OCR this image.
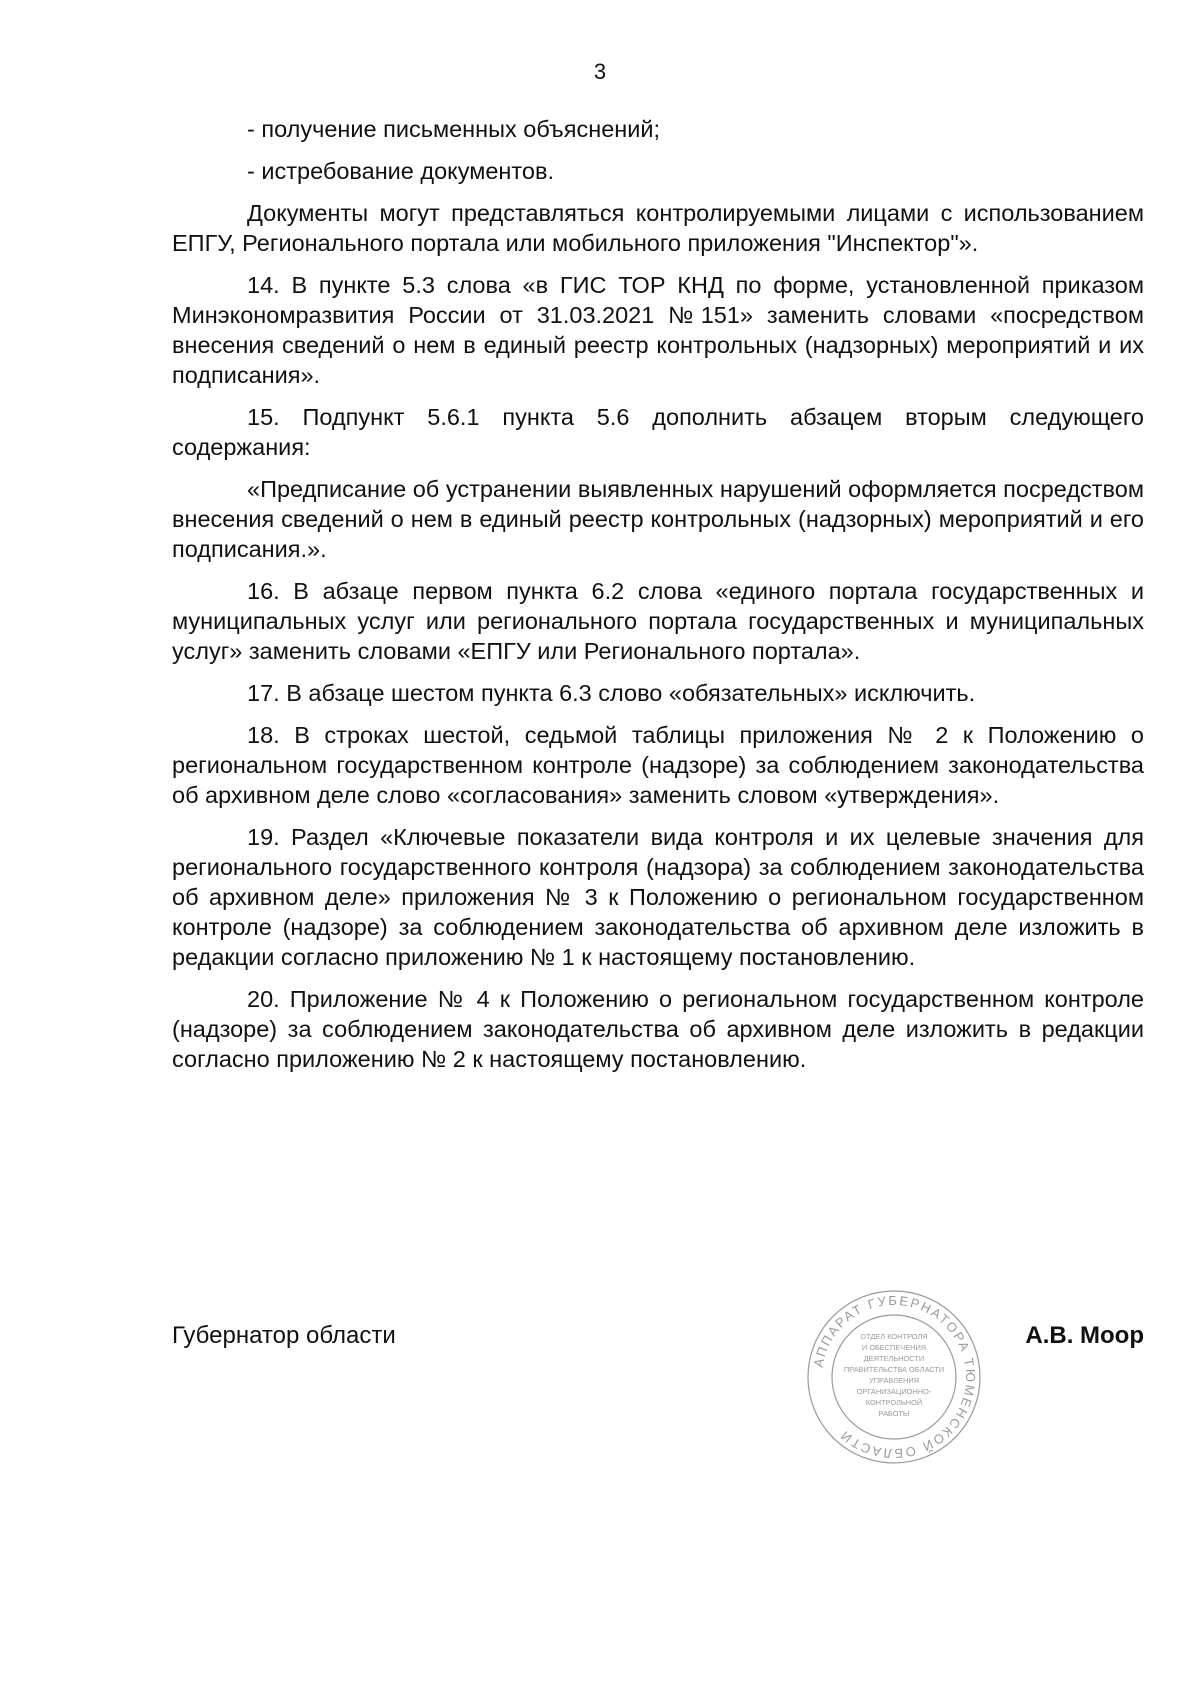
3

- получение письменных объяснений;

- истребование документов.

Документы могут представляться контролируемыми лицами с использованием ЕПГУ, Регионального портала или мобильного приложения "Инспектор"».

14. В пункте 5.3 слова «в ГИС ТОР КНД по форме, установленной приказом Минэкономразвития России от 31.03.2021 №151» заменить словами «посредством внесения сведений о нем в единый реестр контрольных (надзорных) мероприятий и их подписания».

15. Подпункт 5.6.1 пункта 5.6 дополнить абзацем вторым следующего содержания:

«Предписание об устранении выявленных нарушений оформляется посредством внесения сведений о нем в единый реестр контрольных (надзорных) мероприятий и его подписания.».

16. В абзаце первом пункта 6.2 слова «единого портала государственных и муниципальных услуг или регионального портала государственных и муниципальных услуг» заменить словами «ЕПГУ или Регионального портала».

17. В абзаце шестом пункта 6.3 слово «обязательных» исключить.

18. В строках шестой, седьмой таблицы приложения № 2 к Положению о региональном государственном контроле (надзоре) за соблюдением законодательства об архивном деле слово «согласования» заменить словом «утверждения».

19. Раздел «Ключевые показатели вида контроля и их целевые значения для регионального государственного контроля (надзора) за соблюдением законодательства об архивном деле» приложения № 3 к Положению о региональном государственном контроле (надзоре) за соблюдением законодательства об архивном деле изложить в редакции согласно приложению № 1 к настоящему постановлению.

20. Приложение № 4 к Положению о региональном государственном контроле (надзоре) за соблюдением законодательства об архивном деле изложить в редакции согласно приложению № 2 к настоящему постановлению.

Губернатор области	А.В. Моор
АППАРАТ ГУБЕРНАТОРА ТЮМЕНСКОЙ ОБЛАСТИ
ОТДЕЛ КОНТРОЛЯ
И ОБЕСПЕЧЕНИЯ
ДЕЯТЕЛЬНОСТИ
ПРАВИТЕЛЬСТВА ОБЛАСТИ
УПРАВЛЕНИЯ
ОРГАНИЗАЦИОННО-
КОНТРОЛЬНОЙ
РАБОТЫ
